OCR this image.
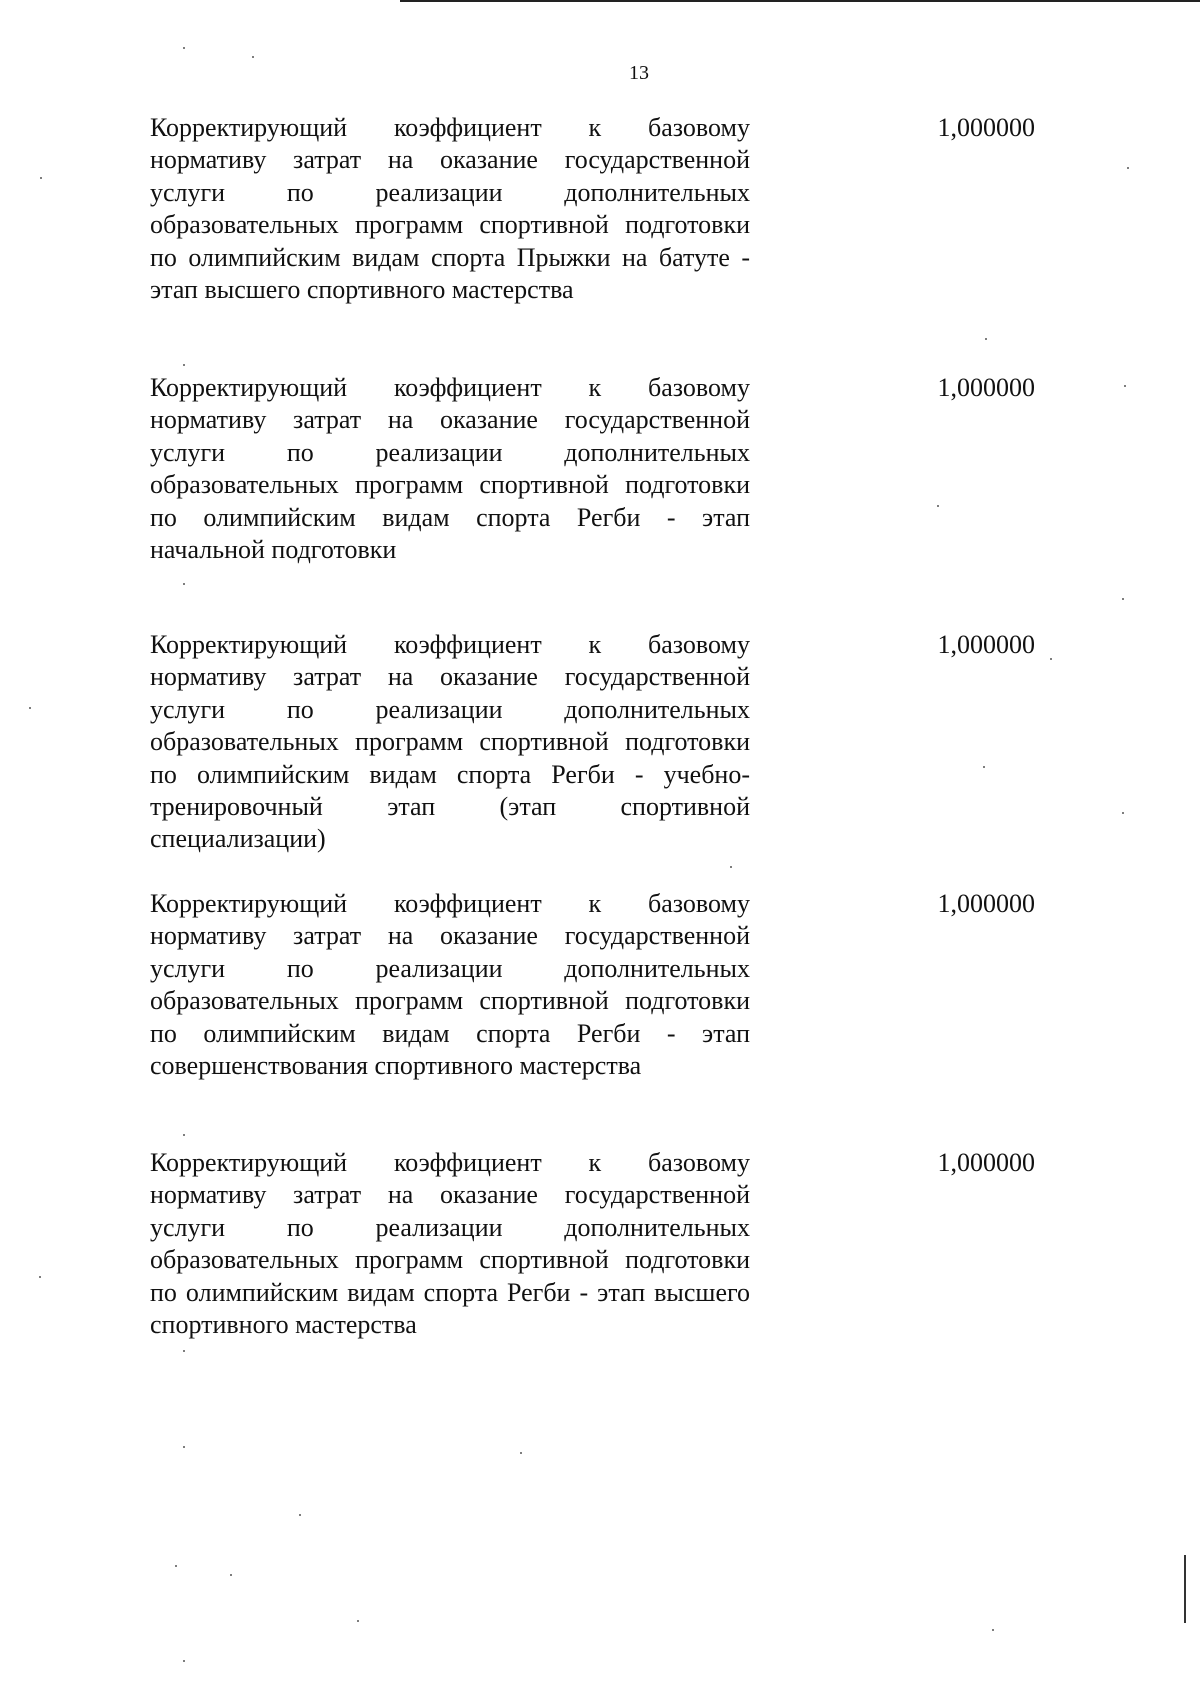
13
Корректирующий коэффициент к базовому нормативу затрат на оказание государственной услуги по реализации дополнительных образовательных программ спортивной подготовки по олимпийским видам спорта Прыжки на батуте - этап высшего спортивного мастерства
1,000000
Корректирующий коэффициент к базовому нормативу затрат на оказание государственной услуги по реализации дополнительных образовательных программ спортивной подготовки по олимпийским видам спорта Регби - этап начальной подготовки
1,000000
Корректирующий коэффициент к базовому нормативу затрат на оказание государственной услуги по реализации дополнительных образовательных программ спортивной подготовки по олимпийским видам спорта Регби - учебно-тренировочный этап (этап спортивной специализации)
1,000000
Корректирующий коэффициент к базовому нормативу затрат на оказание государственной услуги по реализации дополнительных образовательных программ спортивной подготовки по олимпийским видам спорта Регби - этап совершенствования спортивного мастерства
1,000000
Корректирующий коэффициент к базовому нормативу затрат на оказание государственной услуги по реализации дополнительных образовательных программ спортивной подготовки по олимпийским видам спорта Регби - этап высшего спортивного мастерства
1,000000
